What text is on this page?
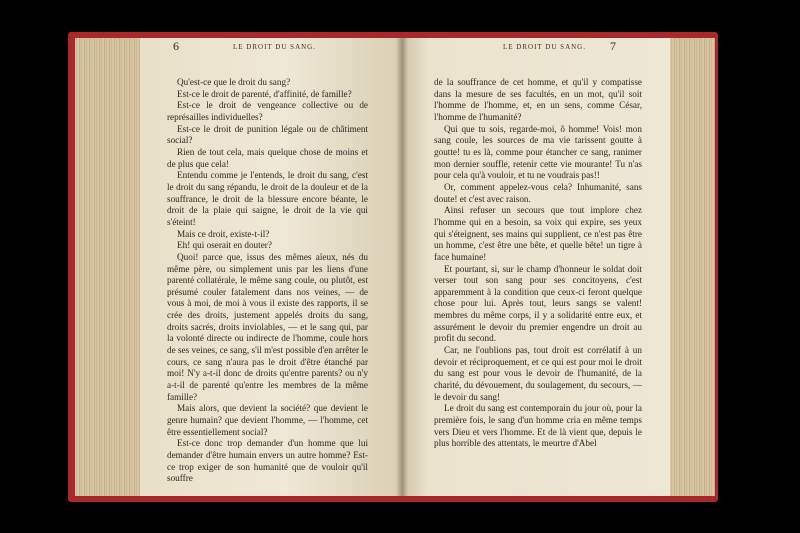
Qu'est-ce que le droit du sang?

Est-ce le droit de parenté, d'affinité, de famille?

Est-ce le droit de vengeance collective ou de représailles individuelles?

Est-ce le droit de punition légale ou de châtiment social?

Rien de tout cela, mais quelque chose de moins et de plus que cela!

Entendu comme je l'entends, le droit du sang, c'est le droit du sang répandu, le droit de la douleur et de la souffrance, le droit de la blessure encore béante, le droit de la plaie qui saigne, le droit de la vie qui s'éteint!

Mais ce droit, existe-t-il?

Eh! qui oserait en douter?

Quoi! parce que, issus des mêmes aïeux, nés du même père, ou simplement unis par les liens d'une parenté collatérale, le même sang coule, ou plutôt, est présumé couler fatalement dans nos veines, — de vous à moi, de moi à vous il existe des rapports, il se crée des droits, justement appelés droits du sang, droits sacrés, droits inviolables, — et le sang qui, par la volonté directe ou indirecte de l'homme, coule hors de ses veines, ce sang, s'il m'est possible d'en arrêter le cours, ce sang n'aura pas le droit d'être étanché par moi! N'y a-t-il donc de droits qu'entre parents? ou n'y a-t-il de parenté qu'entre les membres de la même famille?

Mais alors, que devient la société? que devient le genre humain? que devient l'homme, — l'homme, cet être essentiellement social?

Est-ce donc trop demander d'un homme que lui demander d'être humain envers un autre homme? Est-ce trop exiger de son humanité que de vouloir qu'il souffre

de la souffrance de cet homme, et qu'il y compatisse dans la mesure de ses facultés, en un mot, qu'il soit l'homme de l'homme, et, en un sens, comme César, l'homme de l'humanité?

Qui que tu sois, regarde-moi, ô homme! Vois! mon sang coule, les sources de ma vie tarissent goutte à goutte! tu es là, comme pour étancher ce sang, ranimer mon dernier souffle, retenir cette vie mourante! Tu n'as pour cela qu'à vouloir, et tu ne voudrais pas!!

Or, comment appelez-vous cela? Inhumanité, sans doute! et c'est avec raison.

Ainsi refuser un secours que tout implore chez l'homme qui en a besoin, sa voix qui expire, ses yeux qui s'éteignent, ses mains qui supplient, ce n'est pas être un homme, c'est être une bête, et quelle bête! un tigre à face humaine!

Et pourtant, si, sur le champ d'honneur le soldat doit verser tout son sang pour ses concitoyens, c'est apparemment à la condition que ceux-ci feront quelque chose pour lui. Après tout, leurs sangs se valent! membres du même corps, il y a solidarité entre eux, et assurément le devoir du premier engendre un droit au profit du second.

Car, ne l'oublions pas, tout droit est corrélatif à un devoir et réciproquement, et ce qui est pour moi le droit du sang est pour vous le devoir de l'humanité, de la charité, du dévouement, du soulagement, du secours, — le devoir du sang!

Le droit du sang est contemporain du jour où, pour la première fois, le sang d'un homme cria en même temps vers Dieu et vers l'homme. Et de là vient que, depuis le plus horrible des attentats, le meurtre d'Abel

6	LE DROIT DU SANG.	LE DROIT DU SANG. 7
